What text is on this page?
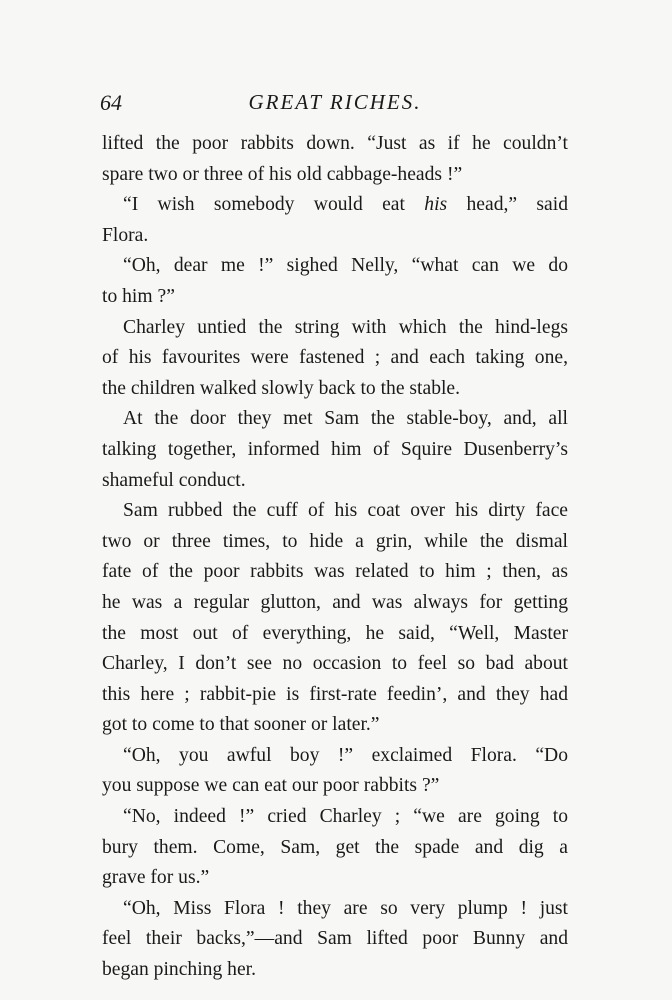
64	GREAT RICHES.
lifted the poor rabbits down. “Just as if he couldn’t
spare two or three of his old cabbage-heads !”
“I wish somebody would eat his head,” said
Flora.
“Oh, dear me !” sighed Nelly, “what can we do
to him ?”
Charley untied the string with which the hind-legs
of his favourites were fastened ; and each taking one,
the children walked slowly back to the stable.
At the door they met Sam the stable-boy, and, all
talking together, informed him of Squire Dusenberry’s
shameful conduct.
Sam rubbed the cuff of his coat over his dirty face
two or three times, to hide a grin, while the dismal
fate of the poor rabbits was related to him ; then, as
he was a regular glutton, and was always for getting
the most out of everything, he said, “Well, Master
Charley, I don’t see no occasion to feel so bad about
this here ; rabbit-pie is first-rate feedin’, and they had
got to come to that sooner or later.”
“Oh, you awful boy !” exclaimed Flora. “Do
you suppose we can eat our poor rabbits ?”
“No, indeed !” cried Charley ; “we are going to
bury them. Come, Sam, get the spade and dig a
grave for us.”
“Oh, Miss Flora ! they are so very plump ! just
feel their backs,”—and Sam lifted poor Bunny and
began pinching her.
